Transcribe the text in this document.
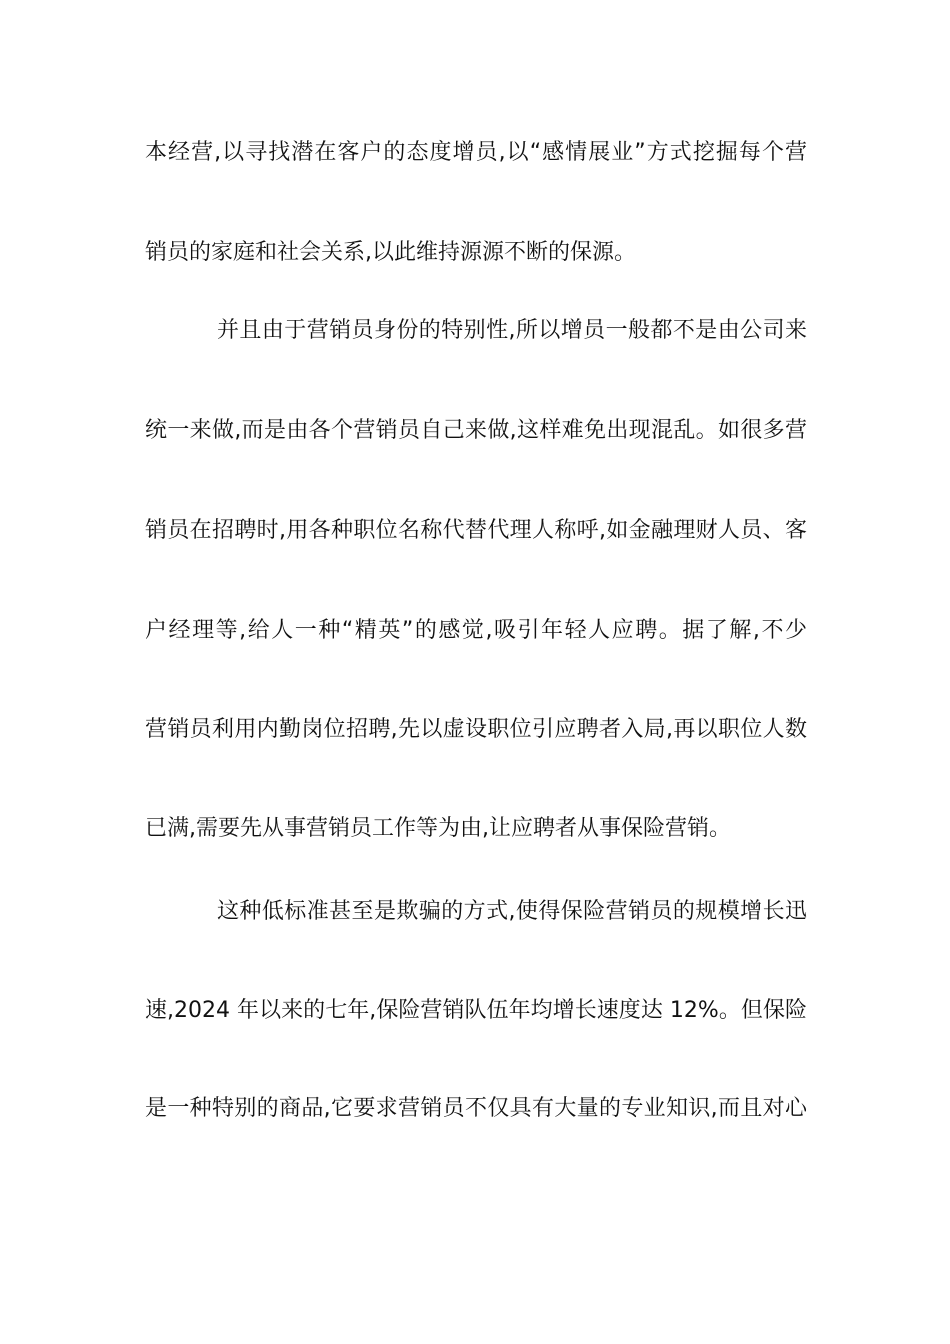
本经营,以寻找潜在客户的态度增员,以“感情展业”方式挖掘每个营
销员的家庭和社会关系,以此维持源源不断的保源。
并且由于营销员身份的特别性,所以增员一般都不是由公司来
统一来做,而是由各个营销员自己来做,这样难免出现混乱。如很多营
销员在招聘时,用各种职位名称代替代理人称呼,如金融理财人员、客
户经理等,给人一种“精英”的感觉,吸引年轻人应聘。据了解,不少
营销员利用内勤岗位招聘,先以虚设职位引应聘者入局,再以职位人数
已满,需要先从事营销员工作等为由,让应聘者从事保险营销。
这种低标准甚至是欺骗的方式,使得保险营销员的规模增长迅
速,2024 年以来的七年,保险营销队伍年均增长速度达 12%。但保险
是一种特别的商品,它要求营销员不仅具有大量的专业知识,而且对心
